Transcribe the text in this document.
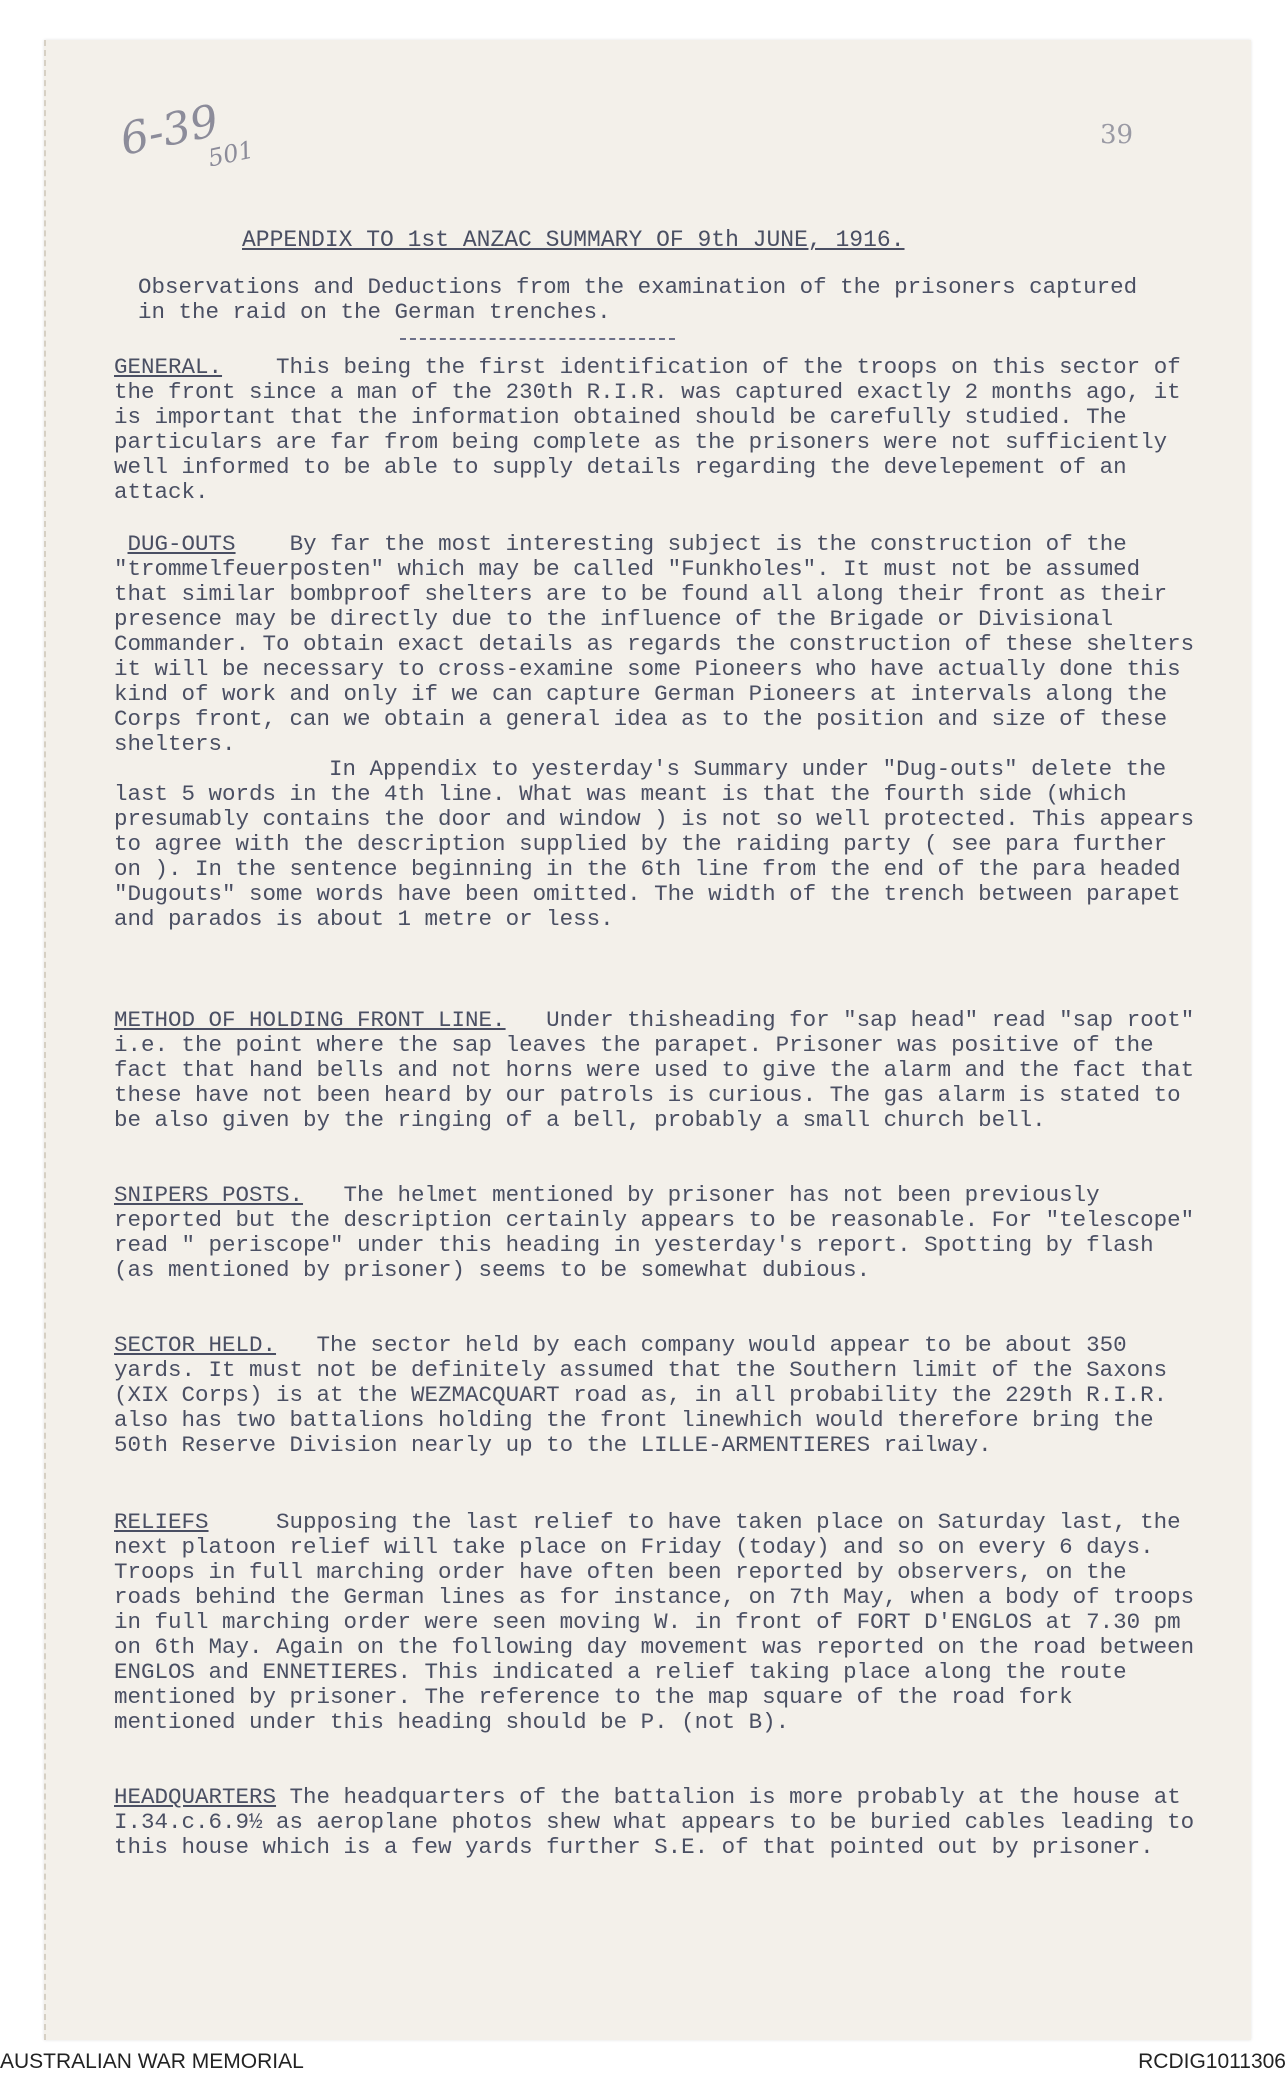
6-39
501
39
APPENDIX TO 1st ANZAC SUMMARY OF 9th JUNE, 1916.
Observations and Deductions from the examination of the prisoners captured in the raid on the German trenches.

GENERAL. This being the first identification of the troops on this sector of the front since a man of the 230th R.I.R. was captured exactly 2 months ago, it is important that the information obtained should be carefully studied. The particulars are far from being complete as the prisoners were not sufficiently well informed to be able to supply details regarding the develepement of an attack.

DUG-OUTS By far the most interesting subject is the construction of the "trommelfeuerposten" which may be called "Funkholes". It must not be assumed that similar bombproof shelters are to be found all along their front as their presence may be directly due to the influence of the Brigade or Divisional Commander. To obtain exact details as regards the construction of these shelters it will be necessary to cross-examine some Pioneers who have actually done this kind of work and only if we can capture German Pioneers at intervals along the Corps front, can we obtain a general idea as to the position and size of these shelters.

In Appendix to yesterday's Summary under "Dug-outs" delete the last 5 words in the 4th line. What was meant is that the fourth side (which presumably contains the door and window ) is not so well protected. This appears to agree with the description supplied by the raiding party ( see para further on ). In the sentence beginning in the 6th line from the end of the para headed "Dugouts" some words have been omitted. The width of the trench between parapet and parados is about 1 metre or less.

METHOD OF HOLDING FRONT LINE. Under thisheading for "sap head" read "sap root" i.e. the point where the sap leaves the parapet. Prisoner was positive of the fact that hand bells and not horns were used to give the alarm and the fact that these have not been heard by our patrols is curious. The gas alarm is stated to be also given by the ringing of a bell, probably a small church bell.

SNIPERS POSTS. The helmet mentioned by prisoner has not been previously reported but the description certainly appears to be reasonable. For "telescope" read " periscope" under this heading in yesterday's report. Spotting by flash (as mentioned by prisoner) seems to be somewhat dubious.

SECTOR HELD. The sector held by each company would appear to be about 350 yards. It must not be definitely assumed that the Southern limit of the Saxons (XIX Corps) is at the WEZMACQUART road as, in all probability the 229th R.I.R. also has two battalions holding the front linewhich would therefore bring the 50th Reserve Division nearly up to the LILLE-ARMENTIERES railway.

RELIEFS	Supposing the last relief to have taken place on Saturday last, the next platoon relief will take place on Friday (today) and so on every 6 days. Troops in full marching order have often been reported by observers, on the roads behind the German lines as for instance, on 7th May, when a body of troops in full marching order were seen moving W. in front of FORT D'ENGLOS at 7.30 pm on 6th May. Again on the following day movement was reported on the road between ENGLOS and ENNETIERES. This indicated a relief taking place along the route mentioned by prisoner. The reference to the map square of the road fork mentioned under this heading should be P. (not B).

HEADQUARTERS The headquarters of the battalion is more probably at the house at I.34.c.6.9½ as aeroplane photos shew what appears to be buried cables leading to this house which is a few yards further S.E. of that pointed out by prisoner.

AUSTRALIAN WAR MEMORIAL	RCDIG1011306
